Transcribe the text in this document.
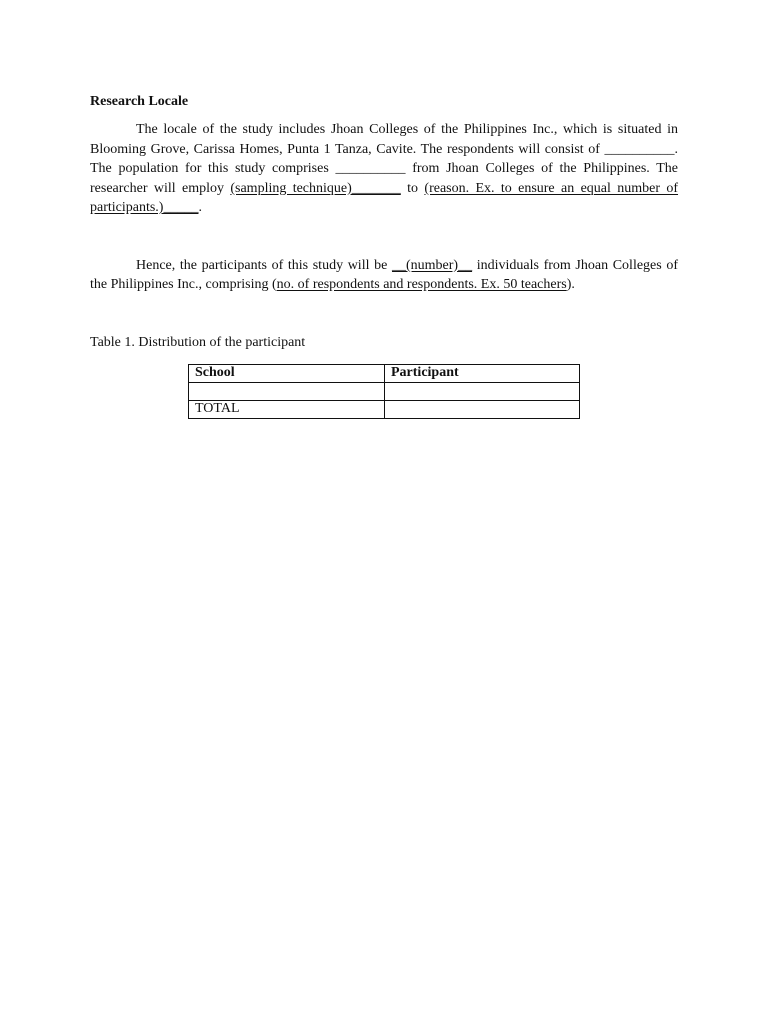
Research Locale

The locale of the study includes Jhoan Colleges of the Philippines Inc., which is situated in Blooming Grove, Carissa Homes, Punta 1 Tanza, Cavite. The respondents will consist of __________. The population for this study comprises __________ from Jhoan Colleges of the Philippines. The researcher will employ (sampling technique)_______ to (reason. Ex. to ensure an equal number of participants.)_____.

Hence, the participants of this study will be __(number)__ individuals from Jhoan Colleges of the Philippines Inc., comprising (no. of respondents and respondents. Ex. 50 teachers).

Table 1. Distribution of the participant

School	Participant

TOTAL	
